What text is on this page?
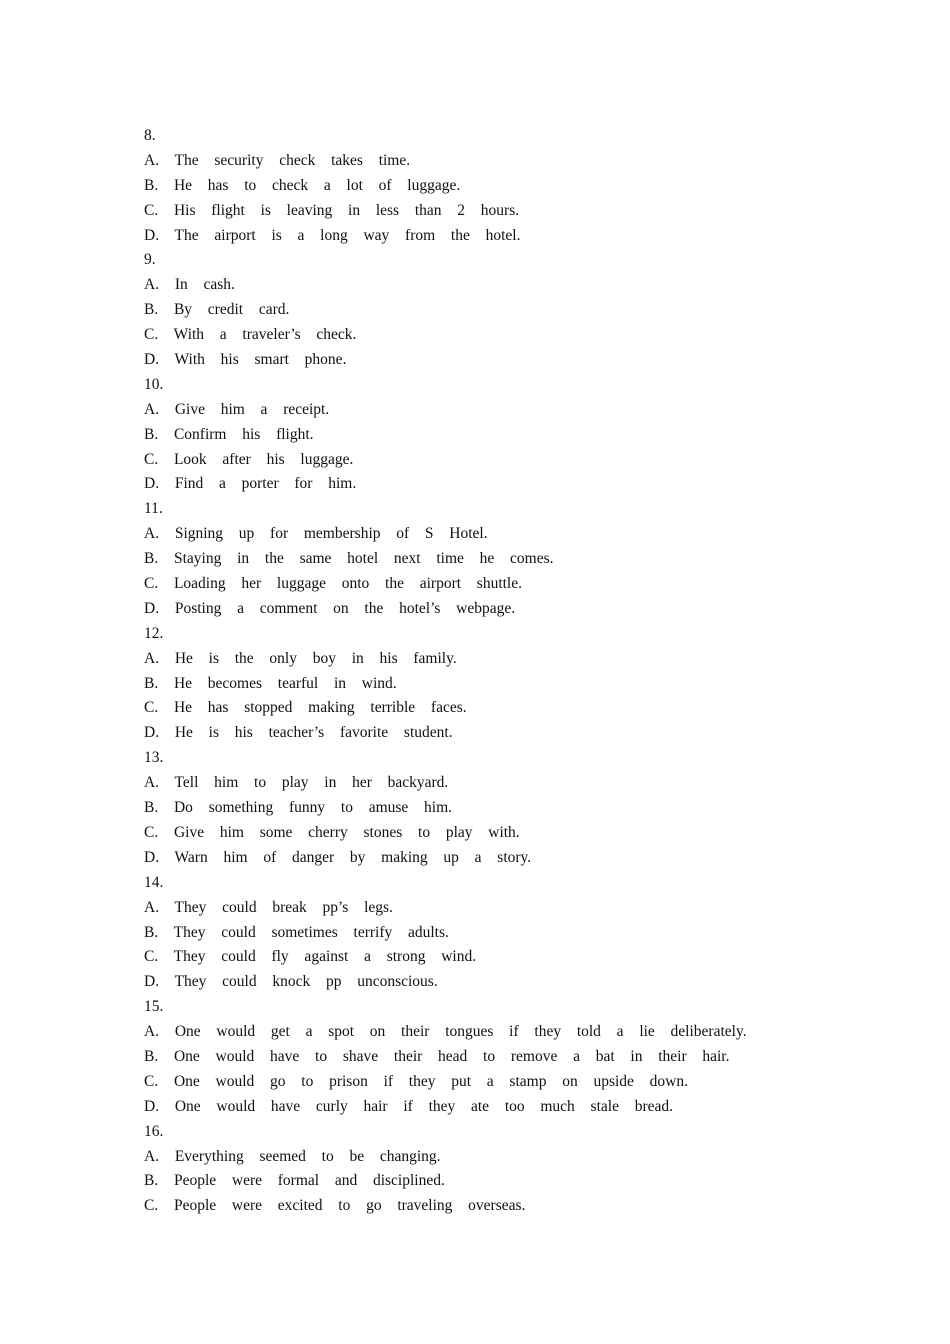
8.
A.  The  security  check  takes  time.
B.  He  has  to  check  a  lot  of  luggage.
C.  His  flight  is  leaving  in  less  than  2  hours.
D.  The  airport  is  a  long  way  from  the  hotel.
9.
A.  In  cash.
B.  By  credit  card.
C.  With  a  traveler’s  check.
D.  With  his  smart  phone.
10.
A.  Give  him  a  receipt.
B.  Confirm  his  flight.
C.  Look  after  his  luggage.
D.  Find  a  porter  for  him.
11.
A.  Signing  up  for  membership  of  S  Hotel.
B.  Staying  in  the  same  hotel  next  time  he  comes.
C.  Loading  her  luggage  onto  the  airport  shuttle.
D.  Posting  a  comment  on  the  hotel’s  webpage.
12.
A.  He  is  the  only  boy  in  his  family.
B.  He  becomes  tearful  in  wind.
C.  He  has  stopped  making  terrible  faces.
D.  He  is  his  teacher’s  favorite  student.
13.
A.  Tell  him  to  play  in  her  backyard.
B.  Do  something  funny  to  amuse  him.
C.  Give  him  some  cherry  stones  to  play  with.
D.  Warn  him  of  danger  by  making  up  a  story.
14.
A.  They  could  break  pp’s  legs.
B.  They  could  sometimes  terrify  adults.
C.  They  could  fly  against  a  strong  wind.
D.  They  could  knock  pp  unconscious.
15.
A.  One  would  get  a  spot  on  their  tongues  if  they  told  a  lie  deliberately.
B.  One  would  have  to  shave  their  head  to  remove  a  bat  in  their  hair.
C.  One  would  go  to  prison  if  they  put  a  stamp  on  upside  down.
D.  One  would  have  curly  hair  if  they  ate  too  much  stale  bread.
16.
A.  Everything  seemed  to  be  changing.
B.  People  were  formal  and  disciplined.
C.  People  were  excited  to  go  traveling  overseas.
